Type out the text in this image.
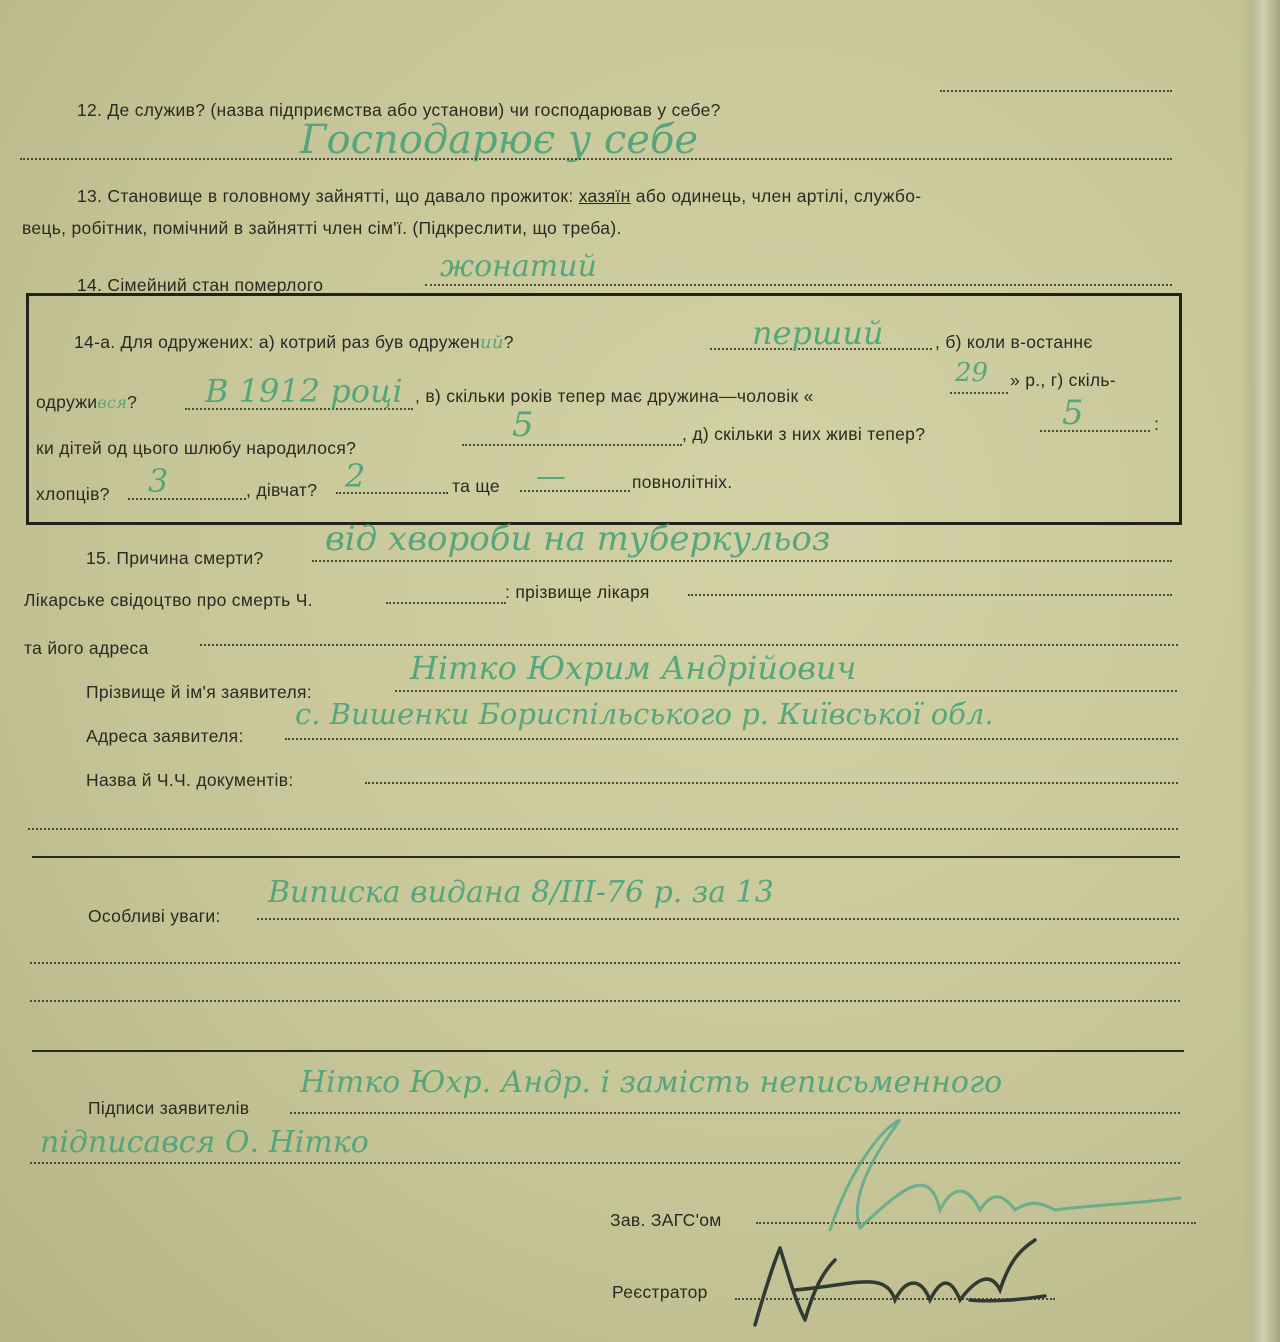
12. Де служив? (назва підприємства або установи) чи господарював у себе?
Господарює у себе
13. Становище в головному зайнятті, що давало прожиток: хазяїн або одинець, член артілі, службо-
вець, робітник, помічний в зайнятті член сім'ї. (Підкреслити, що треба).
14. Сімейний стан померлого
жонатий
14-а. Для одружених: а) котрий раз був одружений?	перший	, б) коли в-останнє
одружився? В 1912 році , в) скільки років тепер має дружина—чоловік «
29 » р., г) скіль-
ки дітей од цього шлюбу народилося?
5	, д) скільки з них живі тепер?
5	:
хлопців? 3	, дівчат? 2	та ще —	повнолітніх.
15. Причина смерти? від хвороби на туберкульоз
Лікарське свідоцтво про смерть Ч.	: прізвище лікаря
та його адреса
Прізвище й ім'я заявителя:
Нітко Юхрим Андрійович
Адреса заявителя:
с. Вишенки Бориспільського р. Київської обл.
Назва й Ч.Ч. документів:
Особливі уваги:
Виписка видана 8/ІІІ-76 р. за 13
Підписи заявителів
Нітко Юхр. Андр. і замість неписьменного
підписався О. Нітко
Зав. ЗАГС'ом
Реєстратор
